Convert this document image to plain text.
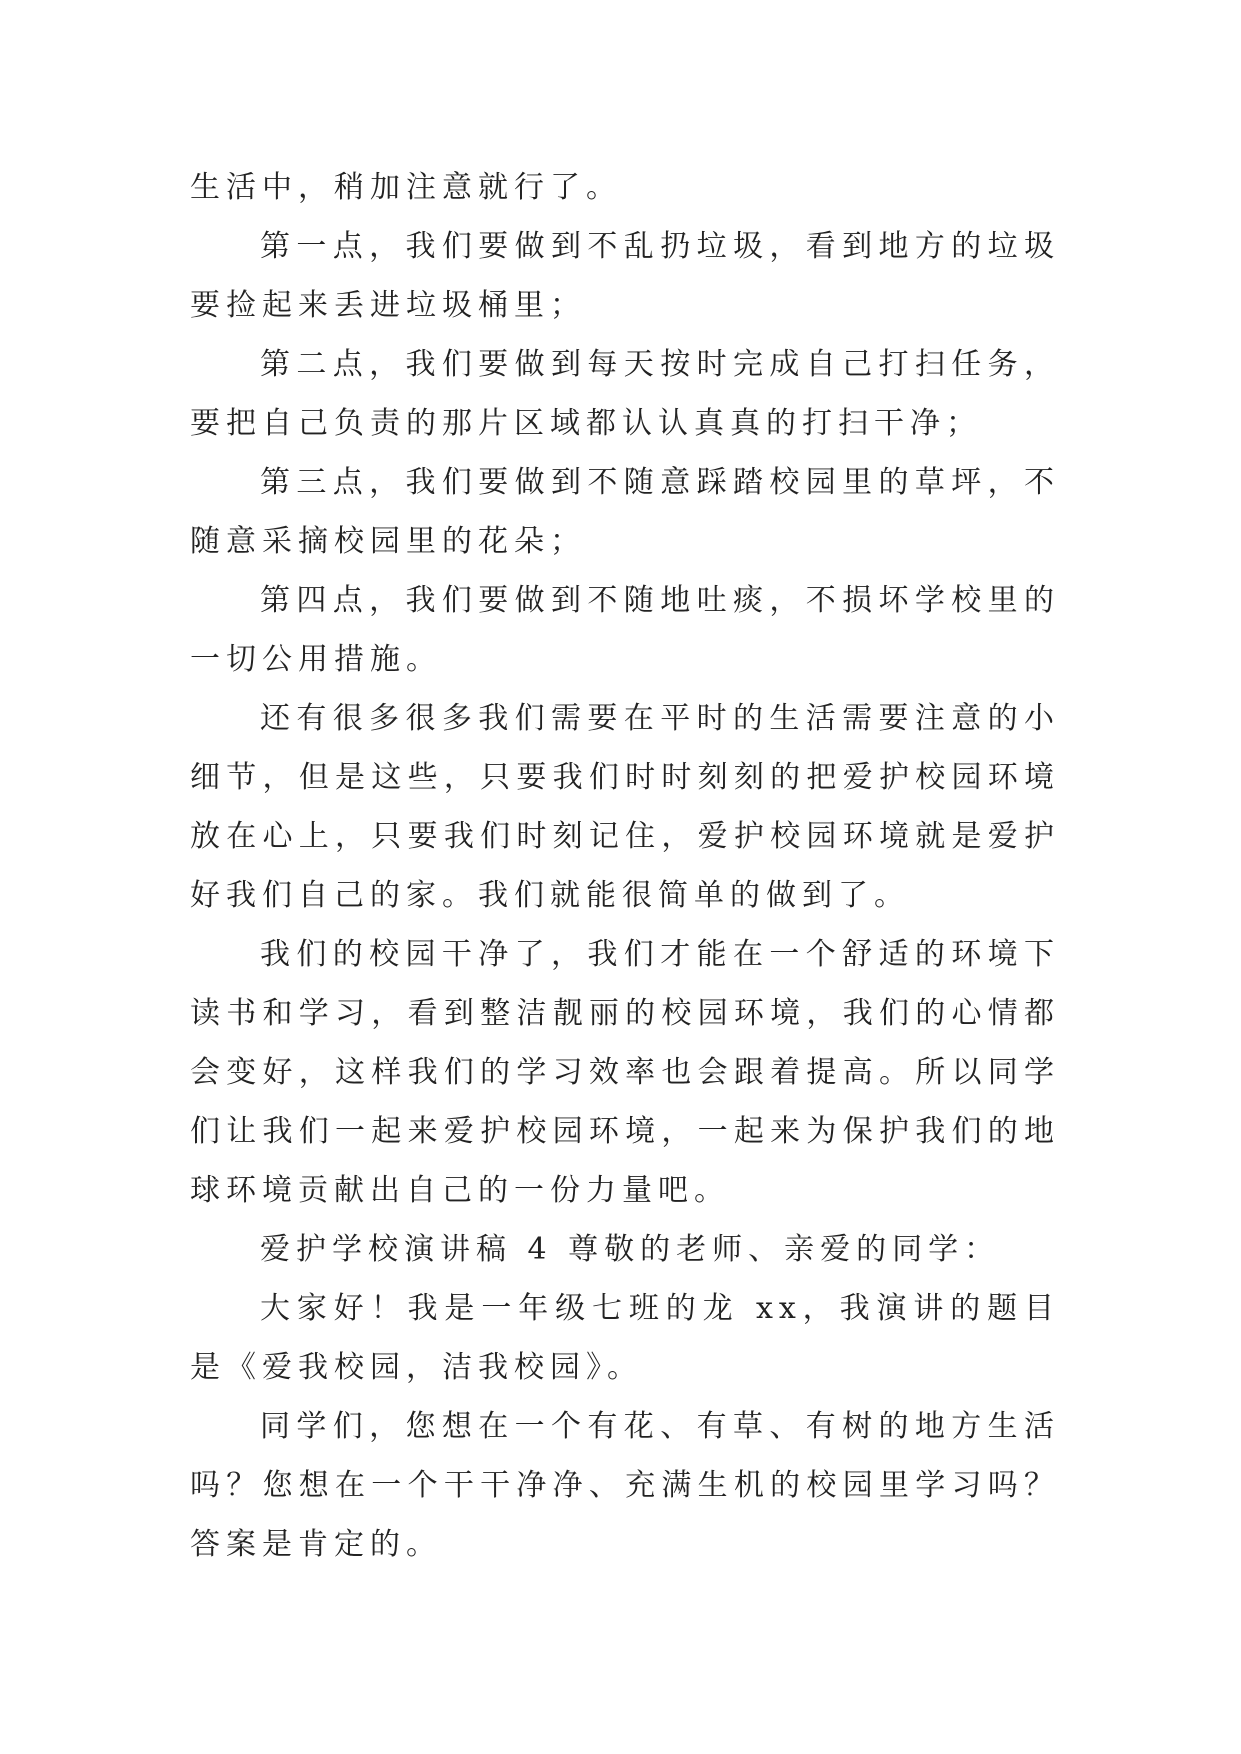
生活中，稍加注意就行了。

第一点，我们要做到不乱扔垃圾，看到地方的垃圾要捡起来丢进垃圾桶里；

第二点，我们要做到每天按时完成自己打扫任务，要把自己负责的那片区域都认认真真的打扫干净；

第三点，我们要做到不随意踩踏校园里的草坪，不随意采摘校园里的花朵；

第四点，我们要做到不随地吐痰，不损坏学校里的一切公用措施。

还有很多很多我们需要在平时的生活需要注意的小细节，但是这些，只要我们时时刻刻的把爱护校园环境放在心上，只要我们时刻记住，爱护校园环境就是爱护好我们自己的家。我们就能很简单的做到了。

我们的校园干净了，我们才能在一个舒适的环境下读书和学习，看到整洁靓丽的校园环境，我们的心情都会变好，这样我们的学习效率也会跟着提高。所以同学们让我们一起来爱护校园环境，一起来为保护我们的地球环境贡献出自己的一份力量吧。

爱护学校演讲稿 4 尊敬的老师、亲爱的同学：

大家好！我是一年级七班的龙 xx，我演讲的题目是《爱我校园，洁我校园》。

同学们，您想在一个有花、有草、有树的地方生活吗？您想在一个干干净净、充满生机的校园里学习吗？答案是肯定的。
